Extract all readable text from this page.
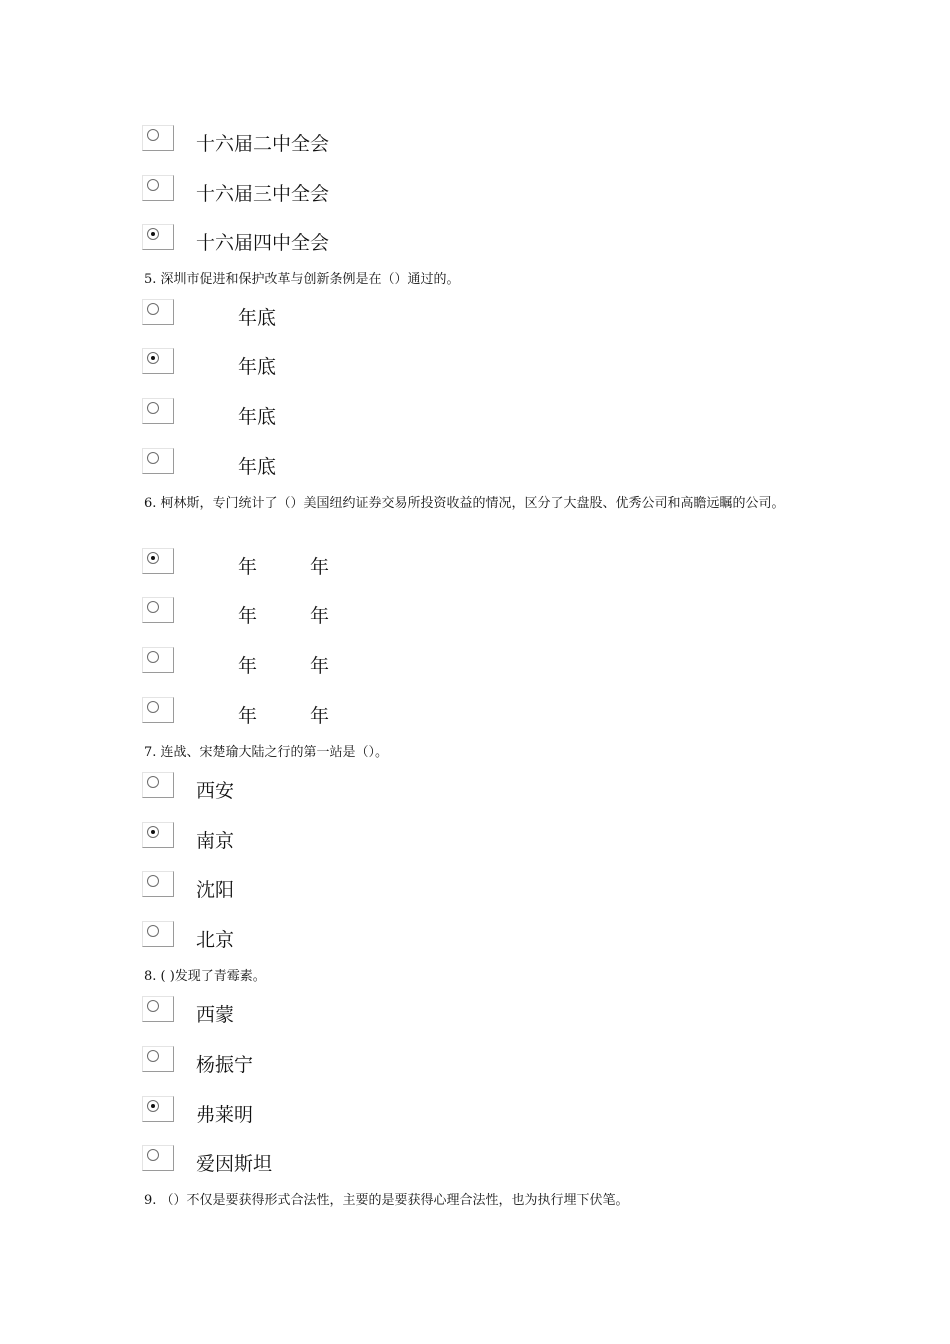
十六届二中全会
十六届三中全会
十六届四中全会
5. 深圳市促进和保护改革与创新条例是在（）通过的。
年底
年底
年底
年底
6. 柯林斯，专门统计了（）美国纽约证券交易所投资收益的情况，区分了大盘股、优秀公司和高瞻远瞩的公司。
年	年
年	年
年	年
年	年
7. 连战、宋楚瑜大陆之行的第一站是（）。
西安
南京
沈阳
北京
8. ( )发现了青霉素。
西蒙
杨振宁
弗莱明
爱因斯坦
9. （）不仅是要获得形式合法性，主要的是要获得心理合法性，也为执行埋下伏笔。
